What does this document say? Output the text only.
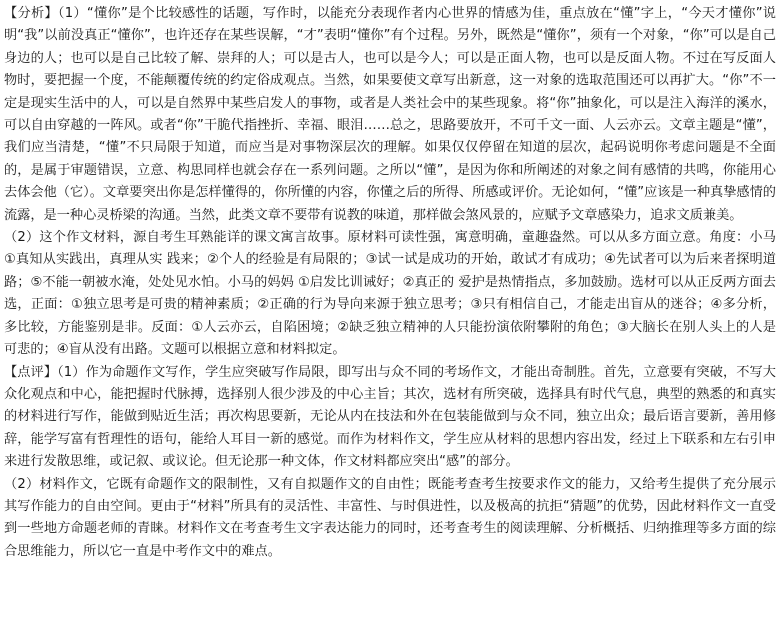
【分析】（1）“懂你”是个比较感性的话题，写作时，以能充分表现作者内心世界的情感为佳，重点放在“懂”字上，“今天才懂你”说明“我”以前没真正“懂你”，也许还存在某些误解，“才”表明“懂你”有个过程。另外，既然是“懂你”，须有一个对象，“你”可以是自己身边的人；也可以是自己比较了解、崇拜的人；可以是古人，也可以是今人；可以是正面人物，也可以是反面人物。不过在写反面人物时，要把握一个度，不能颠覆传统的约定俗成观点。当然，如果要使文章写出新意，这一对象的选取范围还可以再扩大。“你”不一定是现实生活中的人，可以是自然界中某些启发人的事物，或者是人类社会中的某些现象。将“你”抽象化，可以是注入海洋的溪水，可以自由穿越的一阵风。或者“你”干脆代指挫折、幸福、眼泪……总之，思路要放开，不可千文一面、人云亦云。文章主题是“懂”，我们应当清楚，“懂”不只局限于知道，而应当是对事物深层次的理解。如果仅仅停留在知道的层次，起码说明你考虑问题是不全面的，是属于审题错误，立意、构思同样也就会存在一系列问题。之所以“懂”，是因为你和所阐述的对象之间有感情的共鸣，你能用心去体会他（它）。文章要突出你是怎样懂得的，你所懂的内容，你懂之后的所得、所感或评价。无论如何，“懂”应该是一种真挚感情的流露，是一种心灵桥梁的沟通。当然，此类文章不要带有说教的味道，那样做会煞风景的，应赋予文章感染力，追求文质兼美。

（2）这个作文材料，源自考生耳熟能详的课文寓言故事。原材料可读性强，寓意明确，童趣盎然。可以从多方面立意。角度：小马 ①真知从实践出，真理从实 践来；②个人的经验是有局限的；③试一试是成功的开始，敢试才有成功；④先试者可以为后来者探明道路；⑤不能一朝被水淹，处处见水怕。小马的妈妈 ①启发比训诫好；②真正的 爱护是热情指点，多加鼓励。选材可以从正反两方面去选，正面：①独立思考是可贵的精神素质；②正确的行为导向来源于独立思考；③只有相信自己，才能走出盲从的迷谷；④多分析，多比较，方能鉴别是非。反面：①人云亦云，自陷困境；②缺乏独立精神的人只能扮演依附攀附的角色；③大脑长在别人头上的人是可悲的；④盲从没有出路。文题可以根据立意和材料拟定。

【点评】（1）作为命题作文写作，学生应突破写作局限，即写出与众不同的考场作文，才能出奇制胜。首先，立意要有突破，不写大众化观点和中心，能把握时代脉搏，选择别人很少涉及的中心主旨；其次，选材有所突破，选择具有时代气息，典型的熟悉的和真实的材料进行写作，能做到贴近生活；再次构思要新，无论从内在技法和外在包装能做到与众不同，独立出众；最后语言要新，善用修辞，能学写富有哲理性的语句，能给人耳目一新的感觉。而作为材料作文，学生应从材料的思想内容出发，经过上下联系和左右引申来进行发散思维，或记叙、或议论。但无论那一种文体，作文材料都应突出“感”的部分。

（2）材料作文，它既有命题作文的限制性，又有自拟题作文的自由性；既能考查考生按要求作文的能力，又给考生提供了充分展示其写作能力的自由空间。更由于“材料”所具有的灵活性、丰富性、与时俱进性，以及极高的抗拒“猜题”的优势，因此材料作文一直受到一些地方命题老师的青睐。材料作文在考查考生文字表达能力的同时，还考查考生的阅读理解、分析概括、归纳推理等多方面的综合思维能力，所以它一直是中考作文中的难点。
